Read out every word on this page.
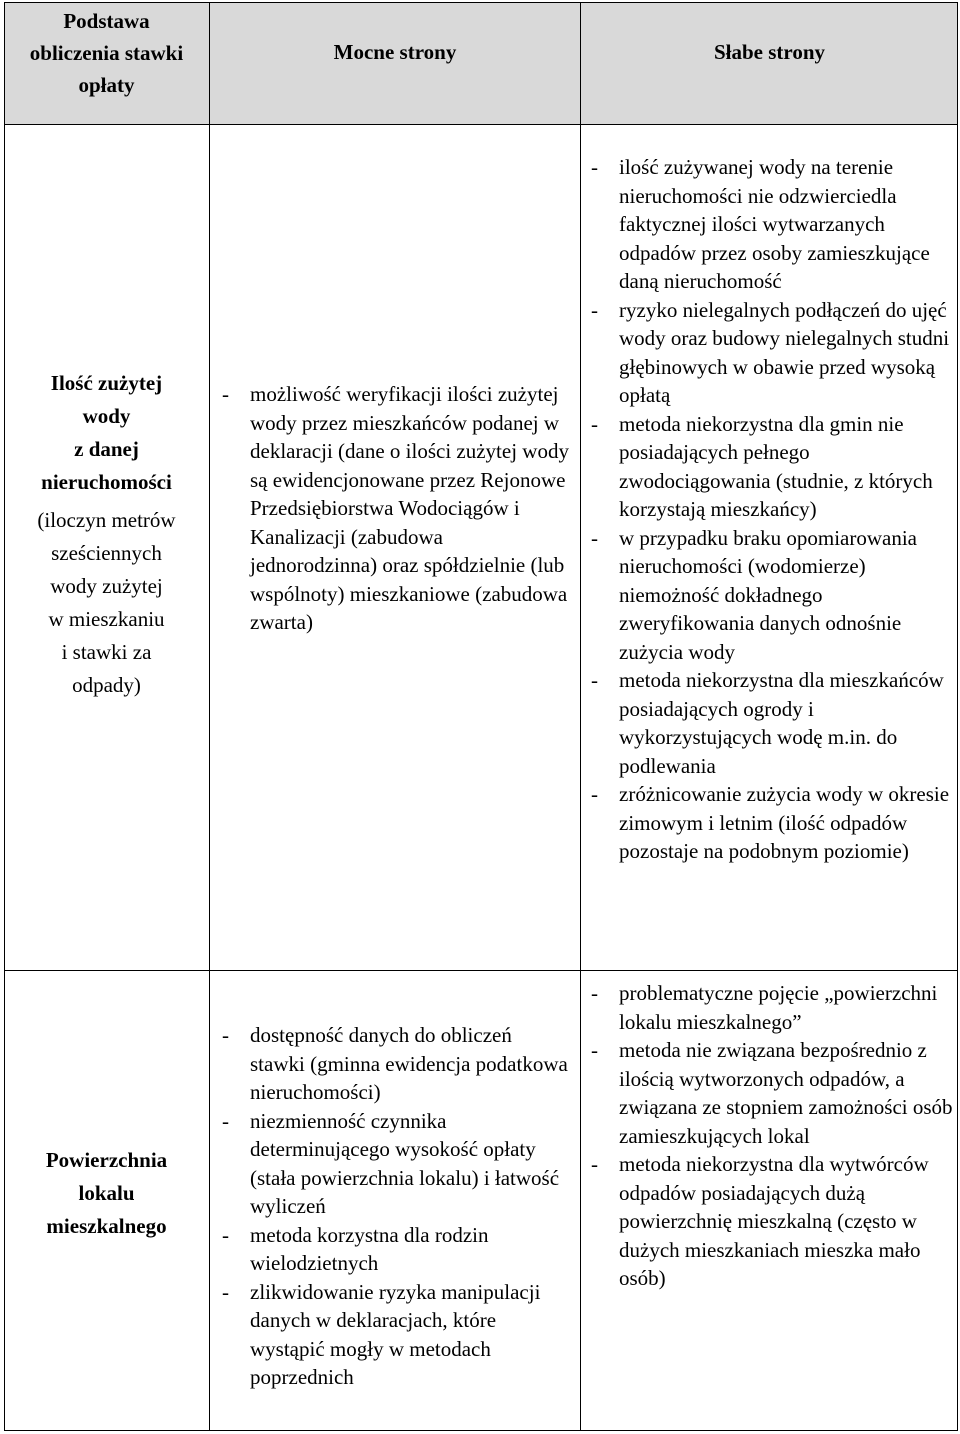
Podstawa
obliczenia stawki
opłaty
Mocne strony	Słabe strony
Ilość zużytej
wody
z danej
nieruchomości
(iloczyn metrów
sześciennych
wody zużytej
w mieszkaniu
i stawki za
odpady)
- możliwość weryfikacji ilości zużytej wody przez mieszkańców podanej w deklaracji (dane o ilości zużytej wody są ewidencjonowane przez Rejonowe Przedsiębiorstwa Wodociągów i Kanalizacji (zabudowa jednorodzinna) oraz spółdzielnie (lub wspólnoty) mieszkaniowe (zabudowa zwarta)
- ilość zużywanej wody na terenie nieruchomości nie odzwierciedla faktycznej ilości wytwarzanych odpadów przez osoby zamieszkujące daną nieruchomość
- ryzyko nielegalnych podłączeń do ujęć wody oraz budowy nielegalnych studni głębinowych w obawie przed wysoką opłatą
- metoda niekorzystna dla gmin nie posiadających pełnego zwodociągowania (studnie, z których korzystają mieszkańcy)
- w przypadku braku opomiarowania nieruchomości (wodomierze) niemożność dokładnego zweryfikowania danych odnośnie zużycia wody
- metoda niekorzystna dla mieszkańców posiadających ogrody i wykorzystujących wodę m.in. do podlewania
- zróżnicowanie zużycia wody w okresie zimowym i letnim (ilość odpadów pozostaje na podobnym poziomie)
Powierzchnia
lokalu
mieszkalnego
- dostępność danych do obliczeń stawki (gminna ewidencja podatkowa nieruchomości)
- niezmienność czynnika determinującego wysokość opłaty (stała powierzchnia lokalu) i łatwość wyliczeń
- metoda korzystna dla rodzin wielodzietnych
- zlikwidowanie ryzyka manipulacji danych w deklaracjach, które wystąpić mogły w metodach poprzednich
- problematyczne pojęcie „powierzchni lokalu mieszkalnego”
- metoda nie związana bezpośrednio z ilością wytworzonych odpadów, a związana ze stopniem zamożności osób zamieszkujących lokal
- metoda niekorzystna dla wytwórców odpadów posiadających dużą powierzchnię mieszkalną (często w dużych mieszkaniach mieszka mało osób)
